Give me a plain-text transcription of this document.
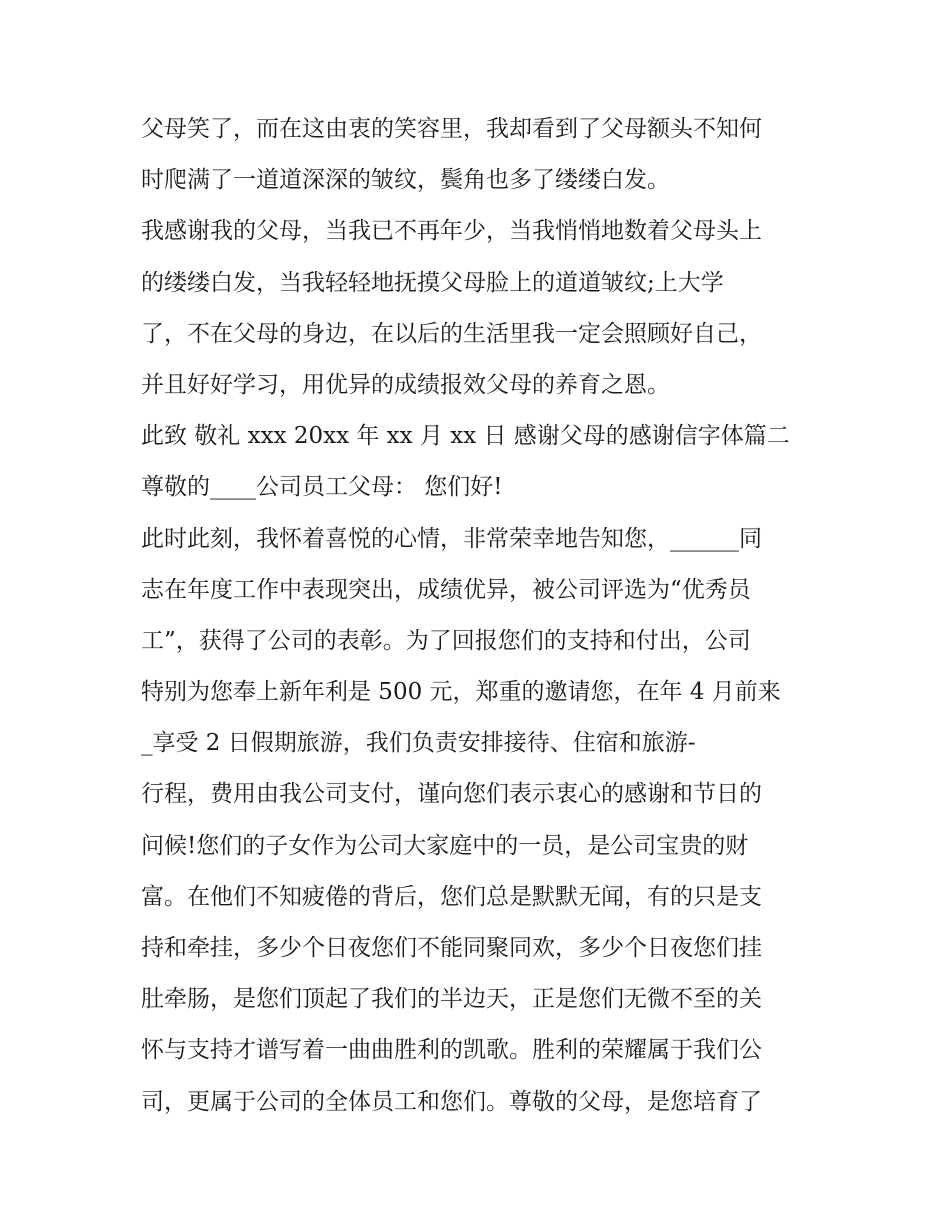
父母笑了，而在这由衷的笑容里，我却看到了父母额头不知何
时爬满了一道道深深的皱纹，鬓角也多了缕缕白发。
我感谢我的父母，当我已不再年少，当我悄悄地数着父母头上
的缕缕白发，当我轻轻地抚摸父母脸上的道道皱纹;上大学
了，不在父母的身边，在以后的生活里我一定会照顾好自己，
并且好好学习，用优异的成绩报效父母的养育之恩。
此致 敬礼 xxx 20xx 年 xx 月 xx 日 感谢父母的感谢信字体篇二
尊敬的____公司员工父母： 您们好!
此时此刻，我怀着喜悦的心情，非常荣幸地告知您，______同
志在年度工作中表现突出，成绩优异，被公司评选为“优秀员
工”，获得了公司的表彰。为了回报您们的支持和付出，公司
特别为您奉上新年利是 500 元，郑重的邀请您，在年 4 月前来
_享受 2 日假期旅游，我们负责安排接待、住宿和旅游-
行程，费用由我公司支付，谨向您们表示衷心的感谢和节日的
问候!您们的子女作为公司大家庭中的一员，是公司宝贵的财
富。在他们不知疲倦的背后，您们总是默默无闻，有的只是支
持和牵挂，多少个日夜您们不能同聚同欢，多少个日夜您们挂
肚牵肠，是您们顶起了我们的半边天，正是您们无微不至的关
怀与支持才谱写着一曲曲胜利的凯歌。胜利的荣耀属于我们公
司，更属于公司的全体员工和您们。尊敬的父母，是您培育了
